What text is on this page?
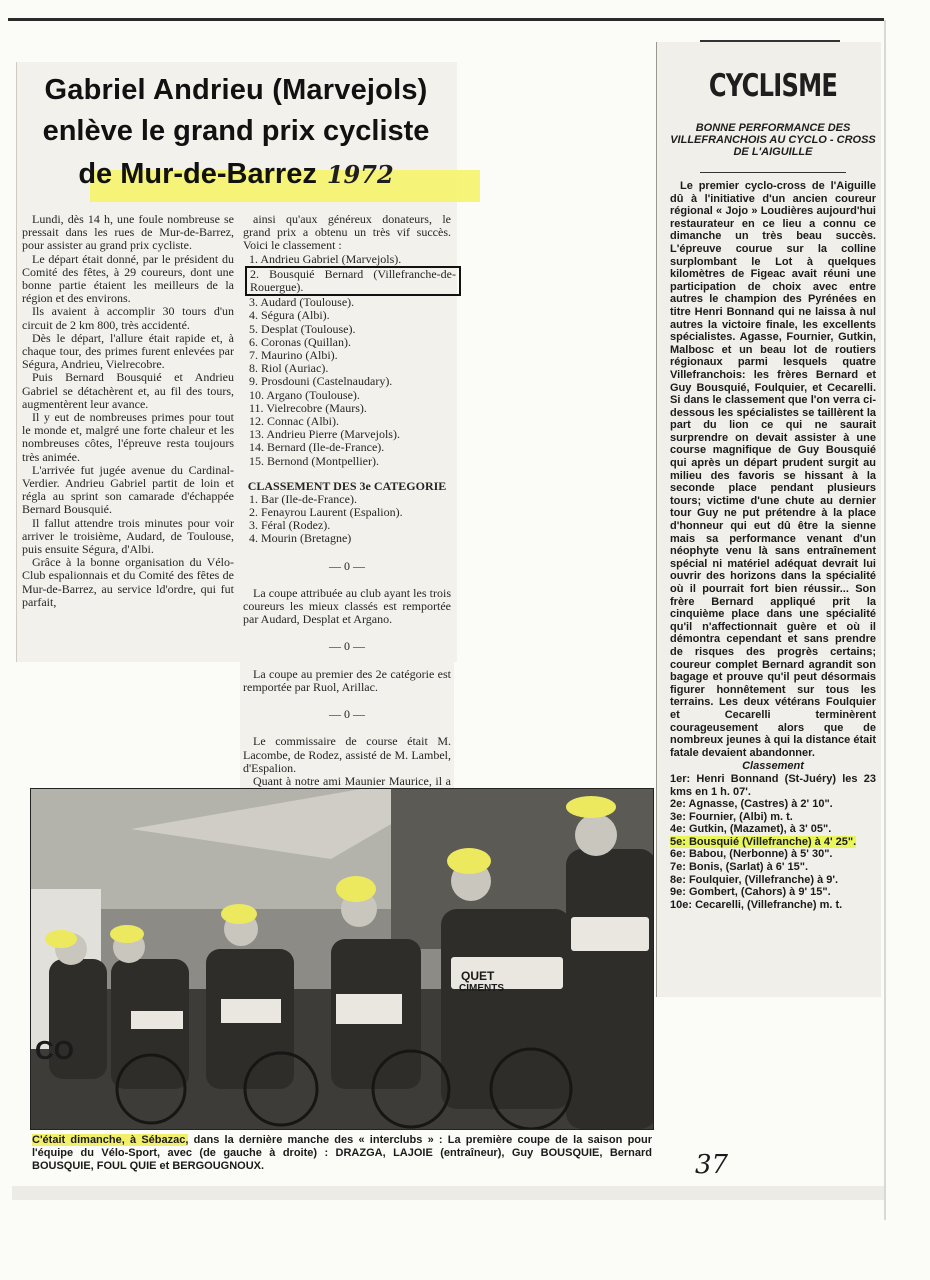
Gabriel Andrieu (Marvejols)
enlève le grand prix cycliste
de Mur-de-Barrez 1972

Lundi, dès 14 h, une foule nombreuse se pressait dans les rues de Mur-de-Barrez, pour assister au grand prix cycliste.

Le départ était donné, par le président du Comité des fêtes, à 29 coureurs, dont une bonne partie étaient les meilleurs de la région et des environs.

Ils avaient à accomplir 30 tours d'un circuit de 2 km 800, très accidenté.

Dès le départ, l'allure était rapide et, à chaque tour, des primes furent enlevées par Ségura, Andrieu, Vielrecobre.

Puis Bernard Bousquié et Andrieu Gabriel se détachèrent et, au fil des tours, augmentèrent leur avance.

Il y eut de nombreuses primes pour tout le monde et, malgré une forte chaleur et les nombreuses côtes, l'épreuve resta toujours très animée.

L'arrivée fut jugée avenue du Cardinal-Verdier. Andrieu Gabriel partit de loin et régla au sprint son camarade d'échappée Bernard Bousquié.

Il fallut attendre trois minutes pour voir arriver le troisième, Audard, de Toulouse, puis ensuite Ségura, d'Albi.

Grâce à la bonne organisation du Vélo-Club espalionnais et du Comité des fêtes de Mur-de-Barrez, au service ld'ordre, qui fut parfait,

ainsi qu'aux généreux donateurs, le grand prix a obtenu un très vif succès. Voici le classement :

1. Andrieu Gabriel (Marvejols).
2. Bousquié Bernard (Villefranche-de-Rouergue).
3. Audard (Toulouse).
4. Ségura (Albi).
5. Desplat (Toulouse).
6. Coronas (Quillan).
7. Maurino (Albi).
8. Riol (Auriac).
9. Prosdouni (Castelnaudary).
10. Argano (Toulouse).
11. Vielrecobre (Maurs).
12. Connac (Albi).
13. Andrieu Pierre (Marvejols).
14. Bernard (Ile-de-France).
15. Bernond (Montpellier).
CLASSEMENT DES 3e CATEGORIE
1. Bar (Ile-de-France).
2. Fenayrou Laurent (Espalion).
3. Féral (Rodez).
4. Mourin (Bretagne)
— 0 —

La coupe attribuée au club ayant les trois coureurs les mieux classés est remportée par Audard, Desplat et Argano.

— 0 —

La coupe au premier des 2e catégorie est remportée par Ruol, Arillac.

— 0 —

Le commissaire de course était M. Lacombe, de Rodez, assisté de M. Lambel, d'Espalion.

Quant à notre ami Maunier Maurice, il a

CYCLISME
BONNE PERFORMANCE DES VILLEFRANCHOIS AU CYCLO - CROSS DE L'AIGUILLE

Le premier cyclo-cross de l'Aiguille dû à l'initiative d'un ancien coureur régional « Jojo » Loudières aujourd'hui restaurateur en ce lieu a connu ce dimanche un très beau succès. L'épreuve courue sur la colline surplombant le Lot à quelques kilomètres de Figeac avait réuni une participation de choix avec entre autres le champion des Pyrénées en titre Henri Bonnand qui ne laissa à nul autres la victoire finale, les excellents spécialistes. Agasse, Fournier, Gutkin, Malbosc et un beau lot de routiers régionaux parmi lesquels quatre Villefranchois: les frères Bernard et Guy Bousquié, Foulquier, et Cecarelli. Si dans le classement que l'on verra ci-dessous les spécialistes se taillèrent la part du lion ce qui ne saurait surprendre on devait assister à une course magnifique de Guy Bousquié qui après un départ prudent surgit au milieu des favoris se hissant à la seconde place pendant plusieurs tours; victime d'une chute au dernier tour Guy ne put prétendre à la place d'honneur qui eut dû être la sienne mais sa performance venant d'un néophyte venu là sans entraînement spécial ni matériel adéquat devrait lui ouvrir des horizons dans la spécialité où il pourrait fort bien réussir... Son frère Bernard appliqué prit la cinquième place dans une spécialité qu'il n'affectionnait guère et où il démontra cependant et sans prendre de risques des progrès certains; coureur complet Bernard agrandit son bagage et prouve qu'il peut désormais figurer honnêtement sur tous les terrains. Les deux vétérans Foulquier et Cecarelli terminèrent courageusement alors que de nombreux jeunes à qui la distance était fatale devaient abandonner.

Classement
1er: Henri Bonnand (St-Juéry) les 23 kms en 1 h. 07'.
2e: Agnasse, (Castres) à 2' 10".
3e: Fournier, (Albi) m. t.
4e: Gutkin, (Mazamet), à 3' 05".
5e: Bousquié (Villefranche) à 4' 25".
6e: Babou, (Nerbonne) à 5' 30".
7e: Bonis, (Sarlat) à 6' 15".
8e: Foulquier, (Villefranche) à 9'.
9e: Gombert, (Cahors) à 9' 15".
10e: Cecarelli, (Villefranche) m. t.
QUET
CIMENTS
CO
C'était dimanche, à Sébazac, dans la dernière manche des « interclubs » : La première coupe de la saison pour l'équipe du Vélo-Sport, avec (de gauche à droite) : DRAZGA, LAJOIE (entraîneur), Guy BOUSQUIE, Bernard BOUSQUIE, FOUL QUIE et BERGOUGNOUX.	37
